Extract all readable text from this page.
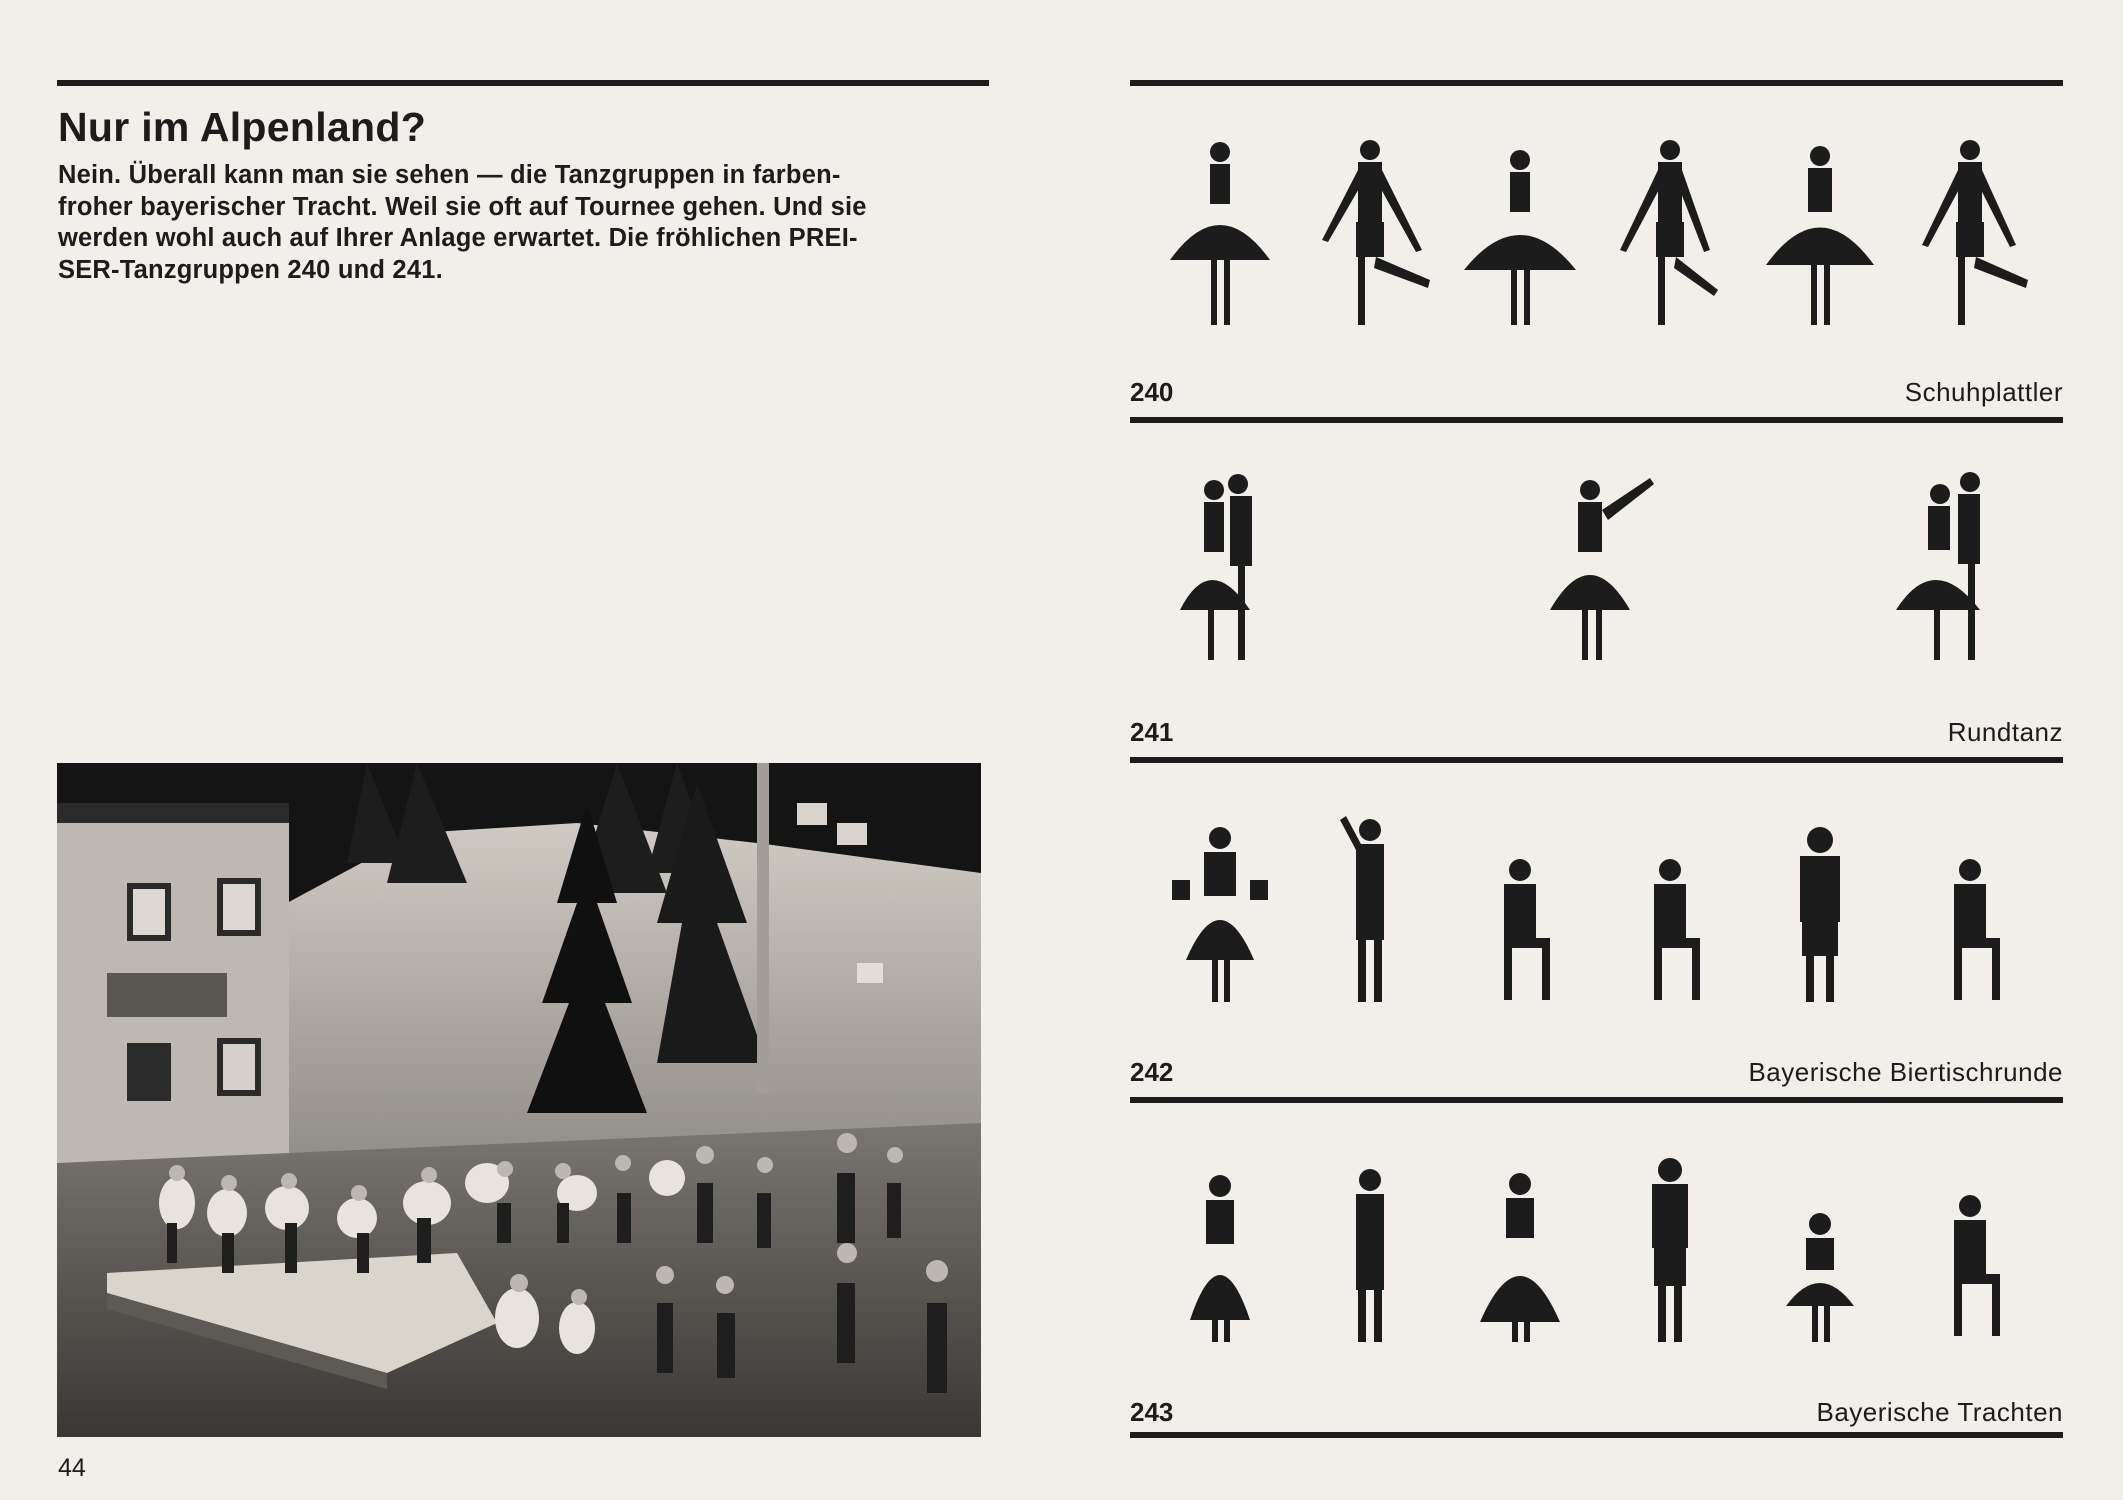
Nur im Alpenland?
Nein. Überall kann man sie sehen — die Tanzgruppen in farben-
froher bayerischer Tracht. Weil sie oft auf Tournee gehen. Und sie
werden wohl auch auf Ihrer Anlage erwartet. Die fröhlichen PREI-
SER-Tanzgruppen 240 und 241.
44
240	Schuhplattler
241	Rundtanz
242	Bayerische Biertischrunde
243	Bayerische Trachten
